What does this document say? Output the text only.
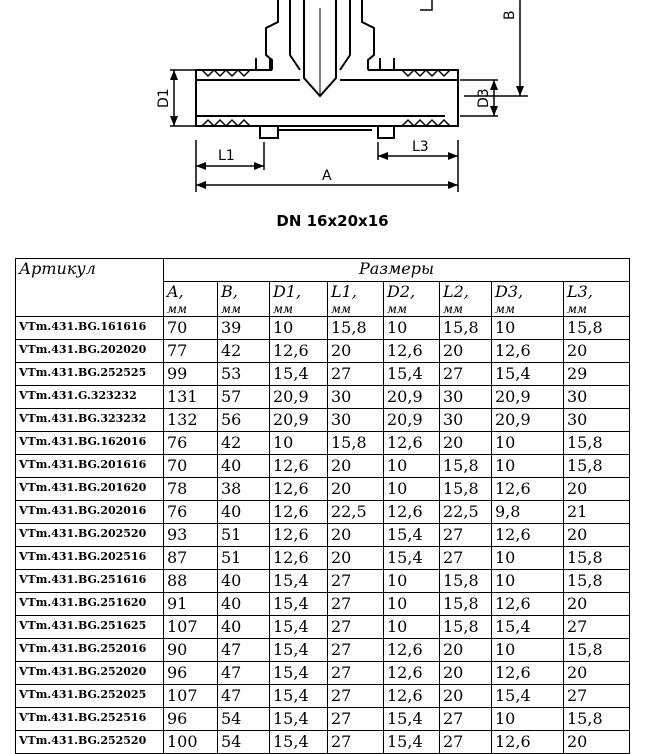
B
D1	D3
L1
L3
A
DN 16x20x16
Артикул	Размеры							
	A,	B,	D1,	L1,	D2,	L2,	D3,	L3,
	мм	мм	мм	мм	мм	мм	мм	мм
VTm.431.BG.161616	70	39	10	15,8	10	15,8	10	15,8
VTm.431.BG.202020	77	42	12,6	20	12,6	20	12,6	20
VTm.431.BG.252525	99	53	15,4	27	15,4	27	15,4	29
VTm.431.G.323232	131	57	20,9	30	20,9	30	20,9	30
VTm.431.BG.323232	132	56	20,9	30	20,9	30	20,9	30
VTm.431.BG.162016	76	42	10	15,8	12,6	20	10	15,8
VTm.431.BG.201616	70	40	12,6	20	10	15,8	10	15,8
VTm.431.BG.201620	78	38	12,6	20	10	15,8	12,6	20
VTm.431.BG.202016	76	40	12,6	22,5	12,6	22,5	9,8	21
VTm.431.BG.202520	93	51	12,6	20	15,4	27	12,6	20
VTm.431.BG.202516	87	51	12,6	20	15,4	27	10	15,8
VTm.431.BG.251616	88	40	15,4	27	10	15,8	10	15,8
VTm.431.BG.251620	91	40	15,4	27	10	15,8	12,6	20
VTm.431.BG.251625	107	40	15,4	27	10	15,8	15,4	27
VTm.431.BG.252016	90	47	15,4	27	12,6	20	10	15,8
VTm.431.BG.252020	96	47	15,4	27	12,6	20	12,6	20
VTm.431.BG.252025	107	47	15,4	27	12,6	20	15,4	27
VTm.431.BG.252516	96	54	15,4	27	15,4	27	10	15,8
VTm.431.BG.252520	100	54	15,4	27	15,4	27	12,6	20
